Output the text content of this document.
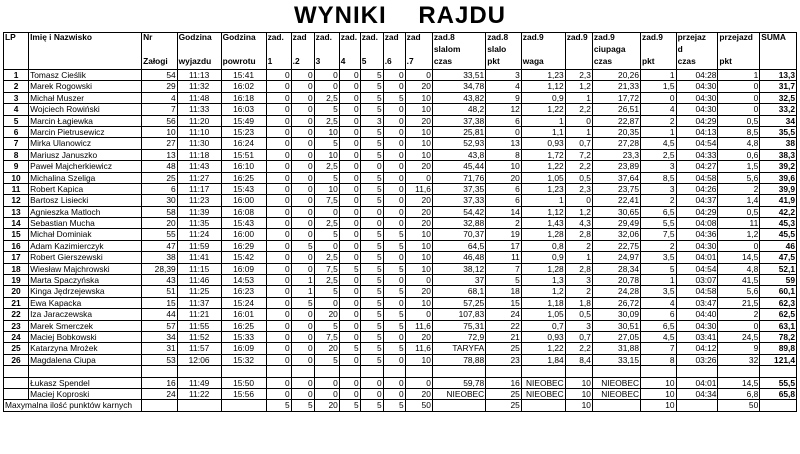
WYNIKI RAJDU
LP	Imię i Nazwisko	Nr	Godzina	Godzina	zad.	zad	zad.	zad.	zad.	zad	zad	zad.8	zad.8	zad.9	zad.9	zad.9	zad.9	przejaz	przejazd	SUMA
												slalom	slalo			ciupaga		d		
		Załogi	wyjazdu	powrotu	1	.2	3	4	5	.6	.7	czas	pkt	waga		czas	pkt	czas	pkt	
1	Tomasz Cieślik	54	11:13	15:41	0	0	0	0	5	0	0	33,51	3	1,23	2,3	20,26	1	04:28	1	13,3
2	Marek Rogowski	29	11:32	16:02	0	0	0	0	5	0	20	34,78	4	1,12	1,2	21,33	1,5	04:30	0	31,7
3	Michał Muszer	4	11:48	16:18	0	0	2,5	0	5	5	10	43,82	9	0,9	1	17,72	0	04:30	0	32,5
4	Wojciech Rowiński	7	11:33	16:03	0	0	5	0	5	0	10	48,2	12	1,22	2,2	26,51	4	04:30	0	33,2
5	Marcin Łagiewka	56	11:20	15:49	0	0	2,5	0	3	0	20	37,38	6	1	0	22,87	2	04:29	0,5	34
6	Marcin Pietrusewicz	10	11:10	15:23	0	0	10	0	5	0	10	25,81	0	1,1	1	20,35	1	04:13	8,5	35,5
7	Mirka Ulanowicz	27	11:30	16:24	0	0	5	0	5	0	10	52,93	13	0,93	0,7	27,28	4,5	04:54	4,8	38
8	Mariusz Januszko	13	11:18	15:51	0	0	10	0	5	0	10	43,8	8	1,72	7,2	23,3	2,5	04:33	0,6	38,3
9	Paweł Majcherkiewicz	48	11:43	16:10	0	0	2,5	0	0	0	20	45,44	10	1,22	2,2	23,89	3	04:27	1,5	39,2
10	Michalina Szeliga	25	11:27	16:25	0	0	5	0	5	0	0	71,76	20	1,05	0,5	37,64	8,5	04:58	5,6	39,6
11	Robert Kapica	6	11:17	15:43	0	0	10	0	5	0	11,6	37,35	6	1,23	2,3	23,75	3	04:26	2	39,9
12	Bartosz Lisiecki	30	11:23	16:00	0	0	7,5	0	5	0	20	37,33	6	1	0	22,41	2	04:37	1,4	41,9
13	Agnieszka Matloch	58	11:39	16:08	0	0	0	0	0	0	20	54,42	14	1,12	1,2	30,65	6,5	04:29	0,5	42,2
14	Sebastian Mucha	20	11:35	15:43	0	0	2,5	0	0	0	20	32,88	2	1,43	4,3	29,49	5,5	04:08	11	45,3
15	Michał Dominiak	55	11:24	16:00	0	0	5	0	5	5	10	70,37	19	1,28	2,8	32,06	7,5	04:36	1,2	45,5
16	Adam Kazimierczyk	47	11:59	16:29	0	5	0	0	5	5	10	64,5	17	0,8	2	22,75	2	04:30	0	46
17	Robert Gierszewski	38	11:41	15:42	0	0	2,5	0	5	0	10	46,48	11	0,9	1	24,97	3,5	04:01	14,5	47,5
18	Wiesław Majchrowski	28,39	11:15	16:09	0	0	7,5	5	5	5	10	38,12	7	1,28	2,8	28,34	5	04:54	4,8	52,1
19	Marta Spaczyńska	43	11:46	14:53	0	1	2,5	0	5	0	0	37	5	1,3	3	20,78	1	03:07	41,5	59
20	Kinga Jędrzejewska	51	11:25	16:23	0	1	5	0	5	5	20	68,1	18	1,2	2	24,28	3,5	04:58	5,6	60,1
21	Ewa Kapacka	15	11:37	15:24	0	5	0	0	5	0	10	57,25	15	1,18	1,8	26,72	4	03:47	21,5	62,3
22	Iza Jaraczewska	44	11:21	16:01	0	0	20	0	5	5	0	107,83	24	1,05	0,5	30,09	6	04:40	2	62,5
23	Marek Smerczek	57	11:55	16:25	0	0	5	0	5	5	11,6	75,31	22	0,7	3	30,51	6,5	04:30	0	63,1
24	Maciej Bobkowski	34	11:52	15:33	0	0	7,5	0	5	0	20	72,9	21	0,93	0,7	27,05	4,5	03:41	24,5	78,2
25	Katarzyna Mrożek	31	11:57	16:09	0	0	20	5	5	5	11,6	TARYFA	25	1,22	2,2	31,88	7	04:12	9	89,8
26	Magdalena Ciupa	53	12:06	15:32	0	0	5	0	5	0	10	78,88	23	1,84	8,4	33,15	8	03:26	32	121,4

	Łukasz Spendel	16	11:49	15:50	0	0	0	0	0	0	0	59,78	16	NIEOBEC	10	NIEOBEC	10	04:01	14,5	55,5
	Maciej Koproski	24	11:22	15:56	0	0	0	0	0	0	20	NIEOBEC	25	NIEOBEC	10	NIEOBEC	10	04:34	6,8	65,8
Maxymalna ilość punktów karnych					5	5	20	5	5	5	50		25		10		10		50	
